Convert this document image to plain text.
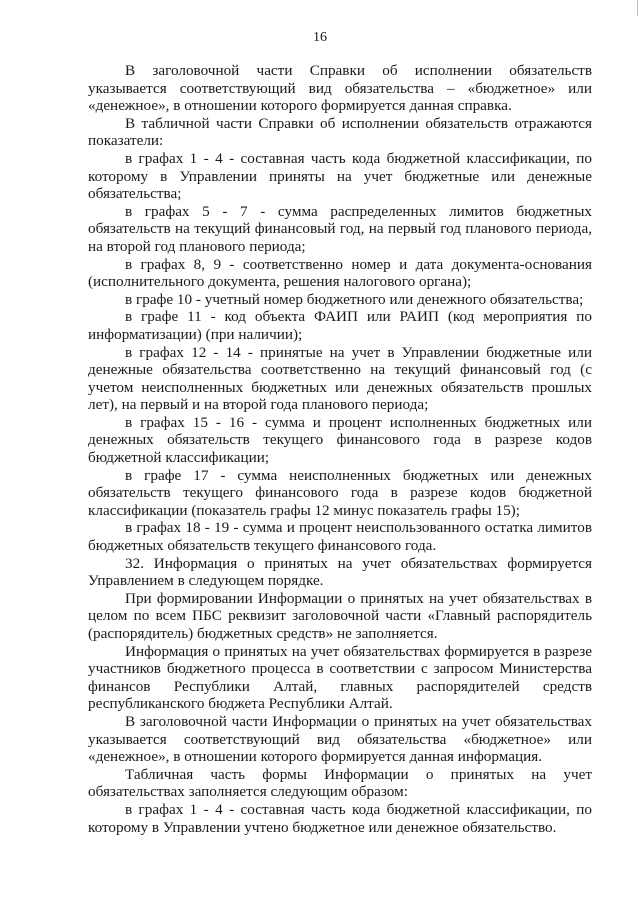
16

В заголовочной части Справки об исполнении обязательств указывается соответствующий вид обязательства – «бюджетное» или «денежное», в отношении которого формируется данная справка.

В табличной части Справки об исполнении обязательств отражаются показатели:

в графах 1 - 4 - составная часть кода бюджетной классификации, по которому в Управлении приняты на учет бюджетные или денежные обязательства;

в графах 5 - 7 - сумма распределенных лимитов бюджетных обязательств на текущий финансовый год, на первый год планового периода, на второй год планового периода;

в графах 8, 9 - соответственно номер и дата документа-основания (исполнительного документа, решения налогового органа);

в графе 10 - учетный номер бюджетного или денежного обязательства;

в графе 11 - код объекта ФАИП или РАИП (код мероприятия по информатизации) (при наличии);

в графах 12 - 14 - принятые на учет в Управлении бюджетные или денежные обязательства соответственно на текущий финансовый год (с учетом неисполненных бюджетных или денежных обязательств прошлых лет), на первый и на второй года планового периода;

в графах 15 - 16 - сумма и процент исполненных бюджетных или денежных обязательств текущего финансового года в разрезе кодов бюджетной классификации;

в графе 17 - сумма неисполненных бюджетных или денежных обязательств текущего финансового года в разрезе кодов бюджетной классификации (показатель графы 12 минус показатель графы 15);

в графах 18 - 19 - сумма и процент неиспользованного остатка лимитов бюджетных обязательств текущего финансового года.

32. Информация о принятых на учет обязательствах формируется Управлением в следующем порядке.

При формировании Информации о принятых на учет обязательствах в целом по всем ПБС реквизит заголовочной части «Главный распорядитель (распорядитель) бюджетных средств» не заполняется.

Информация о принятых на учет обязательствах формируется в разрезе участников бюджетного процесса в соответствии с запросом Министерства финансов Республики Алтай, главных распорядителей средств республиканского бюджета Республики Алтай.

В заголовочной части Информации о принятых на учет обязательствах указывается соответствующий вид обязательства «бюджетное» или «денежное», в отношении которого формируется данная информация.

Табличная часть формы Информации о принятых на учет обязательствах заполняется следующим образом:

в графах 1 - 4 - составная часть кода бюджетной классификации, по которому в Управлении учтено бюджетное или денежное обязательство.
